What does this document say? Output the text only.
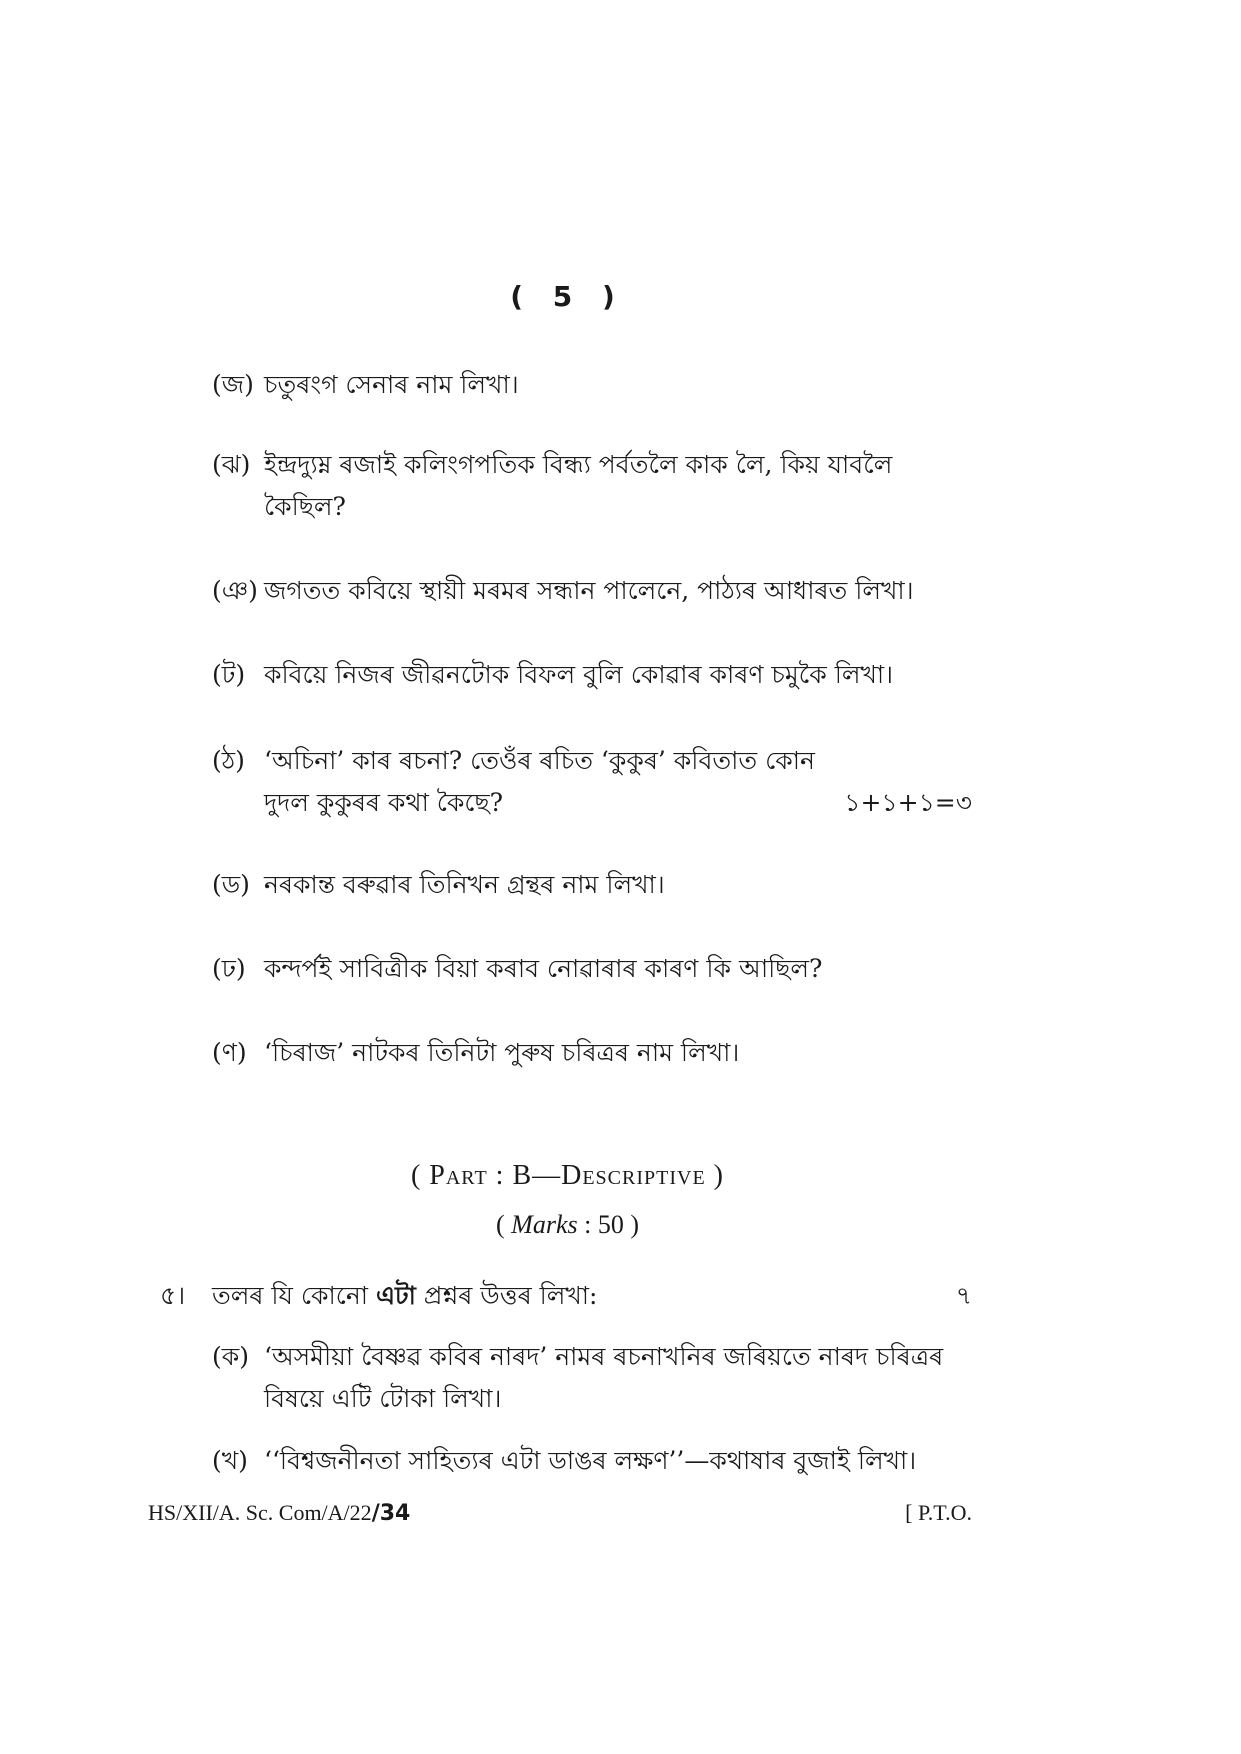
( 5 )
(জ) চতুৰংগ সেনাৰ নাম লিখা।
(ঝ) ইন্দ্রদ্যুম্ন ৰজাই কলিংগপতিক বিন্ধ্য পৰ্বতলৈ কাক লৈ, কিয় যাবলৈ কৈছিল?
(ঞ) জগতত কবিয়ে স্থায়ী মৰমৰ সন্ধান পালেনে, পাঠ্যৰ আধাৰত লিখা।
(ট) কবিয়ে নিজৰ জীৱনটোক বিফল বুলি কোৱাৰ কাৰণ চমুকৈ লিখা।
(ঠ) ‘অচিনা’ কাৰ ৰচনা? তেওঁৰ ৰচিত ‘কুকুৰ’ কবিতাত কোন দুদল কুকুৰৰ কথা কৈছে?	১+১+১=৩
(ড) নৰকান্ত বৰুৱাৰ তিনিখন গ্ৰন্থৰ নাম লিখা।
(ঢ) কন্দৰ্পই সাবিত্ৰীক বিয়া কৰাব নোৱাৰাৰ কাৰণ কি আছিল?
(ণ) ‘চিৰাজ’ নাটকৰ তিনিটা পুৰুষ চৰিত্ৰৰ নাম লিখা।
( Part : B—Descriptive )
( Marks : 50 )
৫।	তলৰ যি কোনো এটা প্ৰশ্নৰ উত্তৰ লিখা:	৭
(ক) ‘অসমীয়া বৈষ্ণৱ কবিৰ নাৰদ’ নামৰ ৰচনাখনিৰ জৰিয়তে নাৰদ চৰিত্ৰৰ বিষয়ে এটি টোকা লিখা।
(খ) ‘‘বিশ্বজনীনতা সাহিত্যৰ এটা ডাঙৰ লক্ষণ’’—কথাষাৰ বুজাই লিখা।
HS/XII/A. Sc. Com/A/22/34	[ P.T.O.
